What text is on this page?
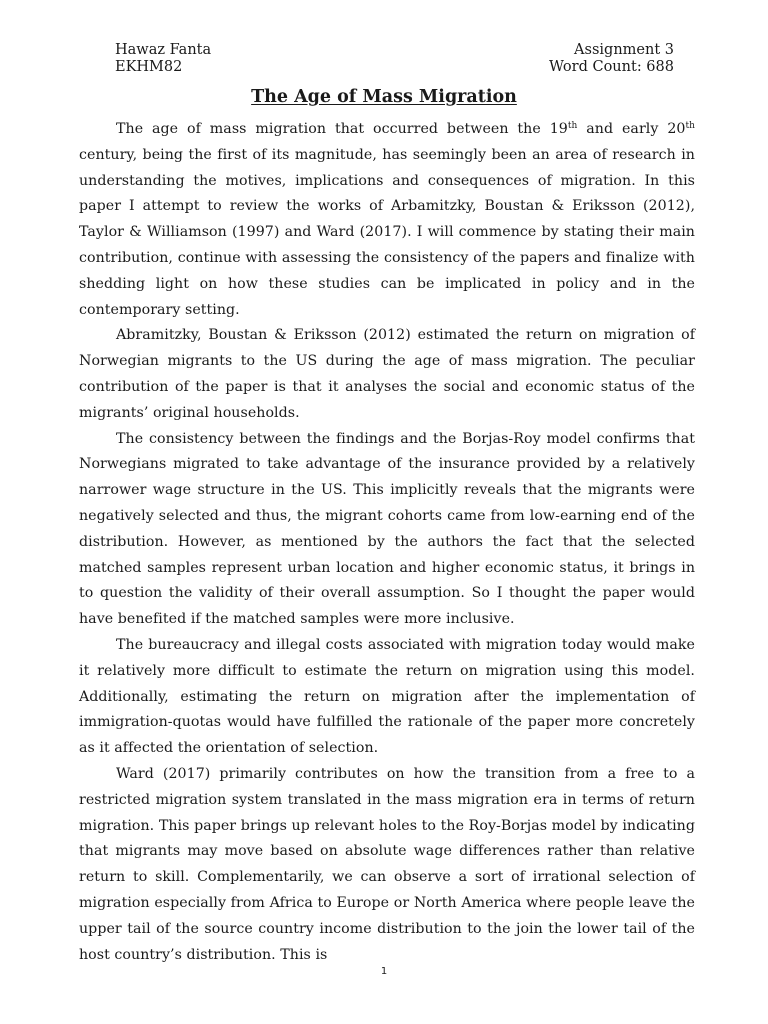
Hawaz Fanta
EKHM82
Assignment 3
Word Count: 688
The Age of Mass Migration

The age of mass migration that occurred between the 19th and early 20th century, being the first of its magnitude, has seemingly been an area of research in understanding the motives, implications and consequences of migration. In this paper I attempt to review the works of Arbamitzky, Boustan & Eriksson (2012), Taylor & Williamson (1997) and Ward (2017). I will commence by stating their main contribution, continue with assessing the consistency of the papers and finalize with shedding light on how these studies can be implicated in policy and in the contemporary setting.

Abramitzky, Boustan & Eriksson (2012) estimated the return on migration of Norwegian migrants to the US during the age of mass migration. The peculiar contribution of the paper is that it analyses the social and economic status of the migrants’ original households.

The consistency between the findings and the Borjas-Roy model confirms that Norwegians migrated to take advantage of the insurance provided by a relatively narrower wage structure in the US. This implicitly reveals that the migrants were negatively selected and thus, the migrant cohorts came from low-earning end of the distribution. However, as mentioned by the authors the fact that the selected matched samples represent urban location and higher economic status, it brings in to question the validity of their overall assumption. So I thought the paper would have benefited if the matched samples were more inclusive.

The bureaucracy and illegal costs associated with migration today would make it relatively more difficult to estimate the return on migration using this model. Additionally, estimating the return on migration after the implementation of immigration-quotas would have fulfilled the rationale of the paper more concretely as it affected the orientation of selection.

Ward (2017) primarily contributes on how the transition from a free to a restricted migration system translated in the mass migration era in terms of return migration. This paper brings up relevant holes to the Roy-Borjas model by indicating that migrants may move based on absolute wage differences rather than relative return to skill. Complementarily, we can observe a sort of irrational selection of migration especially from Africa to Europe or North America where people leave the upper tail of the source country income distribution to the join the lower tail of the host country’s distribution. This is

1
